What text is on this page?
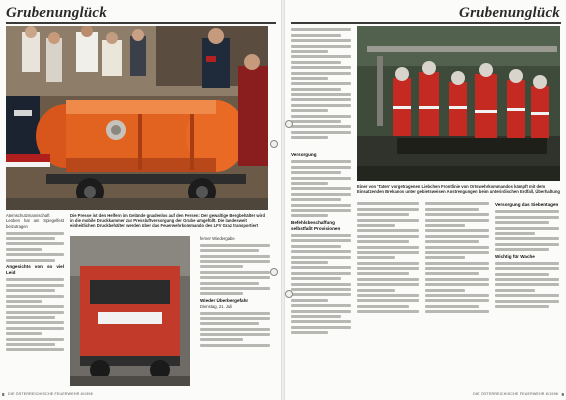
Grubenunglück
Atemschutzmannschaft Leoben hat am Spiegelfest beizutragen
Angesichts von so viel Leid
Die Presse ist den Helfern im Gelände gnadenlos auf den Fersen: Der gewaltige Bergbehälter wird in die mobile Druckkammer zur Pressluftversorgung der Grube umgefüllt. Die landesweit einheitlichen Druckbehälter werden über das Feuerwehrkommando des LFV Graz transportiert
ferner Wiedergabe
Wieder Überbergefahr
Dienstag, 21. Juli
8 DIE ÖSTERREICHISCHE FEUERWEHR 8/1998
Grubenunglück
Einer von 'Taten' vorgetragenen Liebchen Frontlinie von Ortswehrkommandos kämpft mit dem Einsatzenden Brekanos unter gebietsweisen Anstrengungen beim unterirdischen Erdfall, Überhaltung
Versorgung
Befehlsbeschaffung selbstfaßt Provisionen
Versorgung das Siebentagen
Wichtig für Wache
9
DIE ÖSTERREICHISCHE FEUERWEHR 8/1998
